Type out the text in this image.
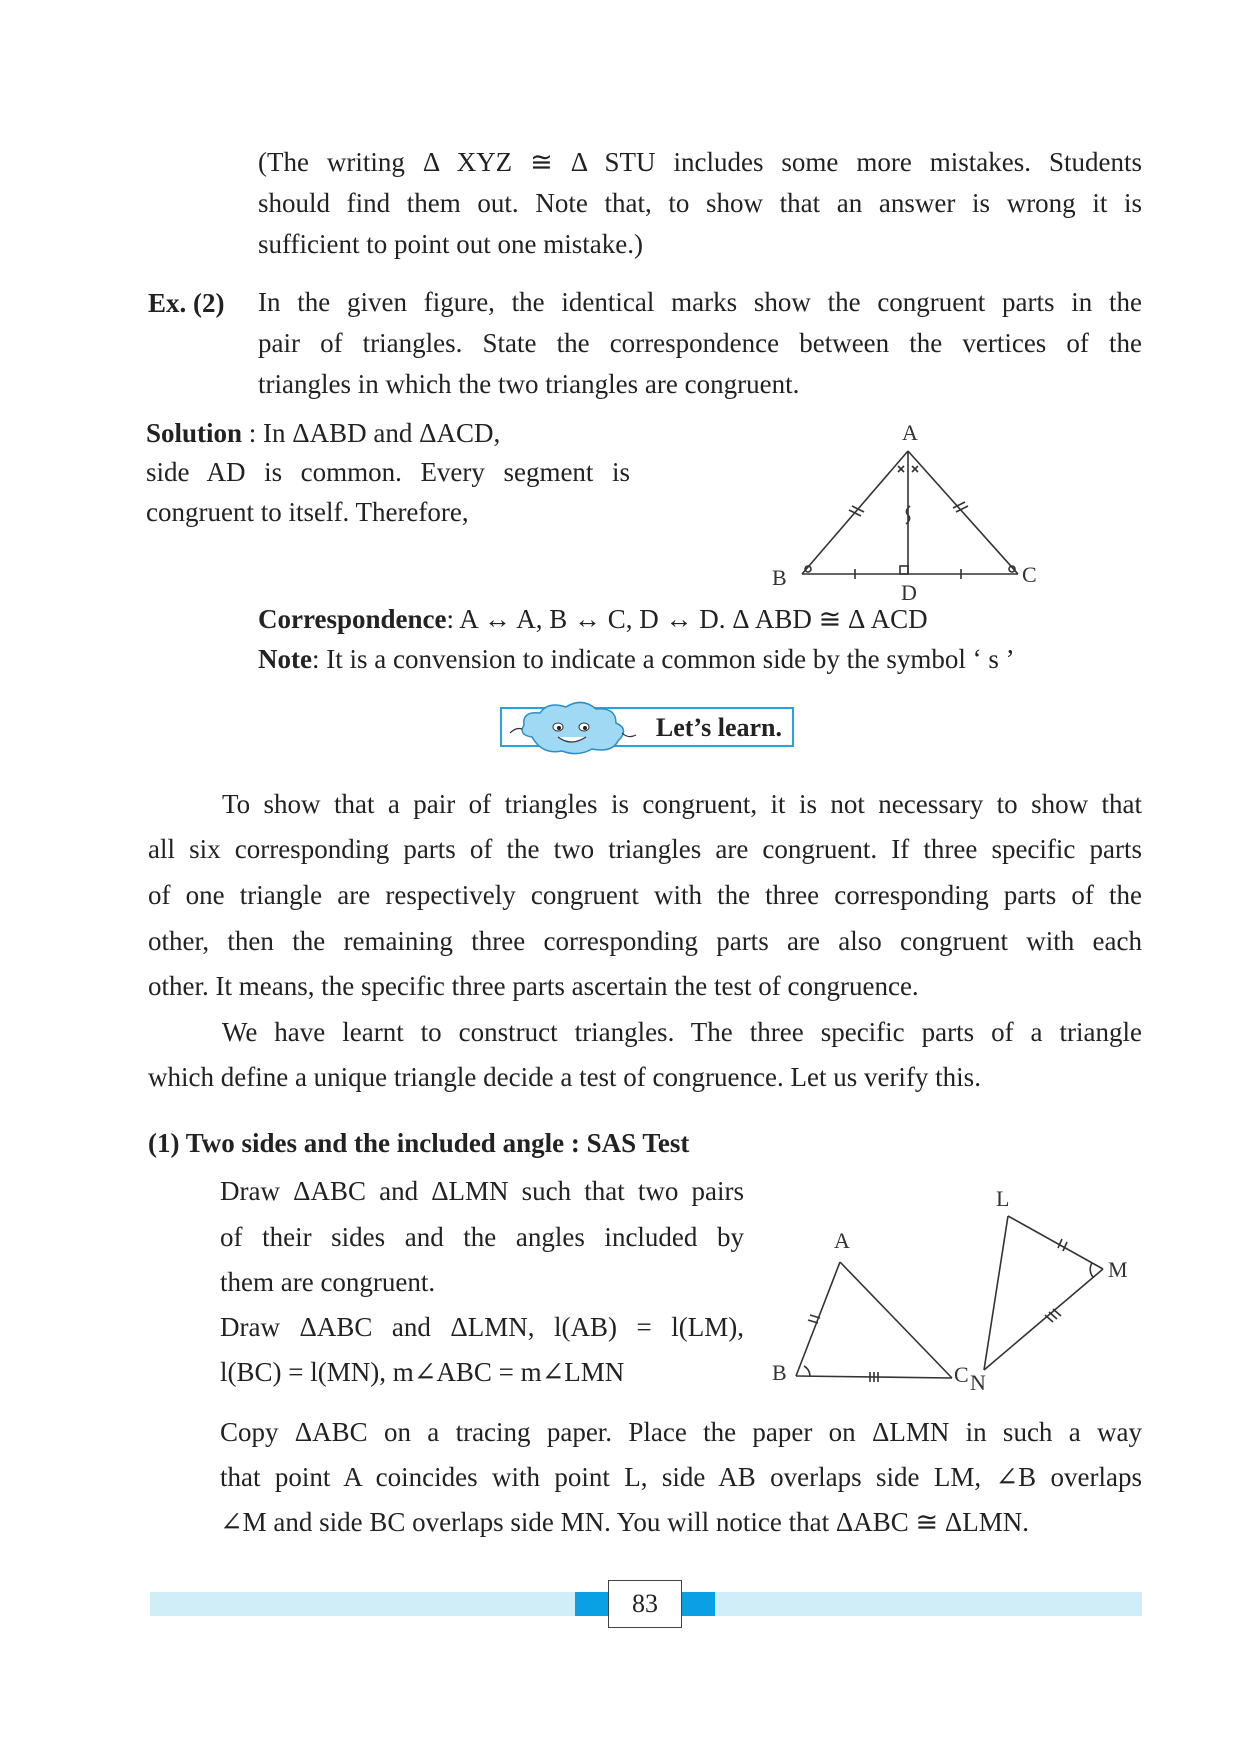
(The writing Δ XYZ ≅ Δ STU includes some more mistakes. Students
should find them out. Note that, to show that an answer is wrong it is
sufficient to point out one mistake.)
Ex. (2) In the given figure, the identical marks show the congruent parts in the
pair of triangles. State the correspondence between the vertices of the
triangles in which the two triangles are congruent.
Solution : In ΔABD and ΔACD,
side AD is common. Every segment is
congruent to itself. Therefore,
A
B	C
D
Correspondence: A ↔ A, B ↔ C, D ↔ D. Δ ABD ≅ Δ ACD
Note: It is a convension to indicate a common side by the symbol ‘ s ’
Let’s learn.
To show that a pair of triangles is congruent, it is not necessary to show that
all six corresponding parts of the two triangles are congruent. If three specific parts
of one triangle are respectively congruent with the three corresponding parts of the
other, then the remaining three corresponding parts are also congruent with each
other. It means, the specific three parts ascertain the test of congruence.
We have learnt to construct triangles. The three specific parts of a triangle
which define a unique triangle decide a test of congruence. Let us verify this.
(1) Two sides and the included angle : SAS Test
Draw ΔABC and ΔLMN such that two pairs
of their sides and the angles included by
them are congruent.
Draw ΔABC and ΔLMN, l(AB) = l(LM),
l(BC) = l(MN), m∠ABC = m∠LMN
A
B	C
L
M
N
Copy ΔABC on a tracing paper. Place the paper on ΔLMN in such a way
that point A coincides with point L, side AB overlaps side LM, ∠B overlaps
∠M and side BC overlaps side MN. You will notice that ΔABC ≅ ΔLMN.
83
